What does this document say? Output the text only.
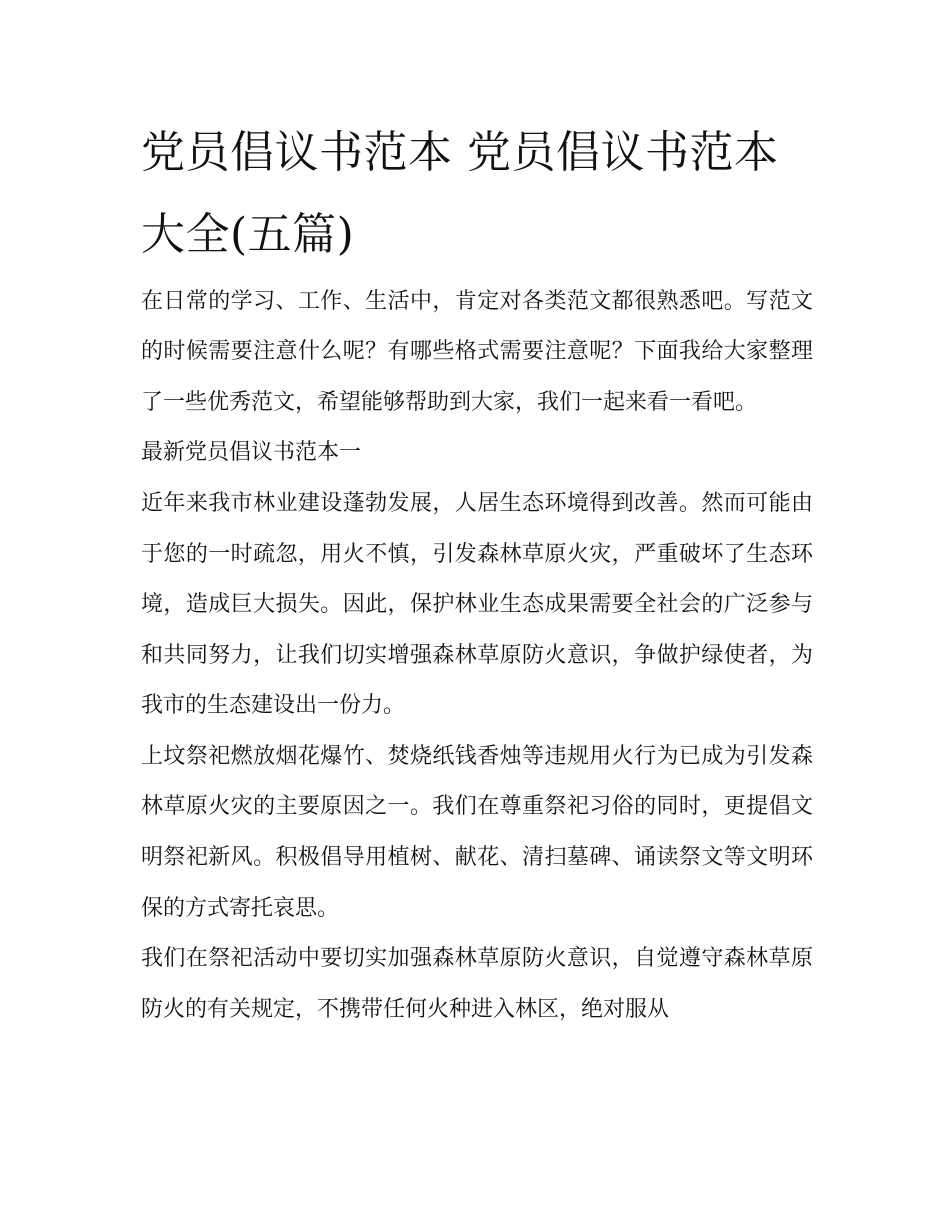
党员倡议书范本 党员倡议书范本大全(五篇)

在日常的学习、工作、生活中，肯定对各类范文都很熟悉吧。写范文的时候需要注意什么呢？有哪些格式需要注意呢？下面我给大家整理了一些优秀范文，希望能够帮助到大家，我们一起来看一看吧。

最新党员倡议书范本一

近年来我市林业建设蓬勃发展，人居生态环境得到改善。然而可能由于您的一时疏忽，用火不慎，引发森林草原火灾，严重破坏了生态环境，造成巨大损失。因此，保护林业生态成果需要全社会的广泛参与和共同努力，让我们切实增强森林草原防火意识，争做护绿使者，为我市的生态建设出一份力。

上坟祭祀燃放烟花爆竹、焚烧纸钱香烛等违规用火行为已成为引发森林草原火灾的主要原因之一。我们在尊重祭祀习俗的同时，更提倡文明祭祀新风。积极倡导用植树、献花、清扫墓碑、诵读祭文等文明环保的方式寄托哀思。

我们在祭祀活动中要切实加强森林草原防火意识，自觉遵守森林草原防火的有关规定，不携带任何火种进入林区，绝对服从
